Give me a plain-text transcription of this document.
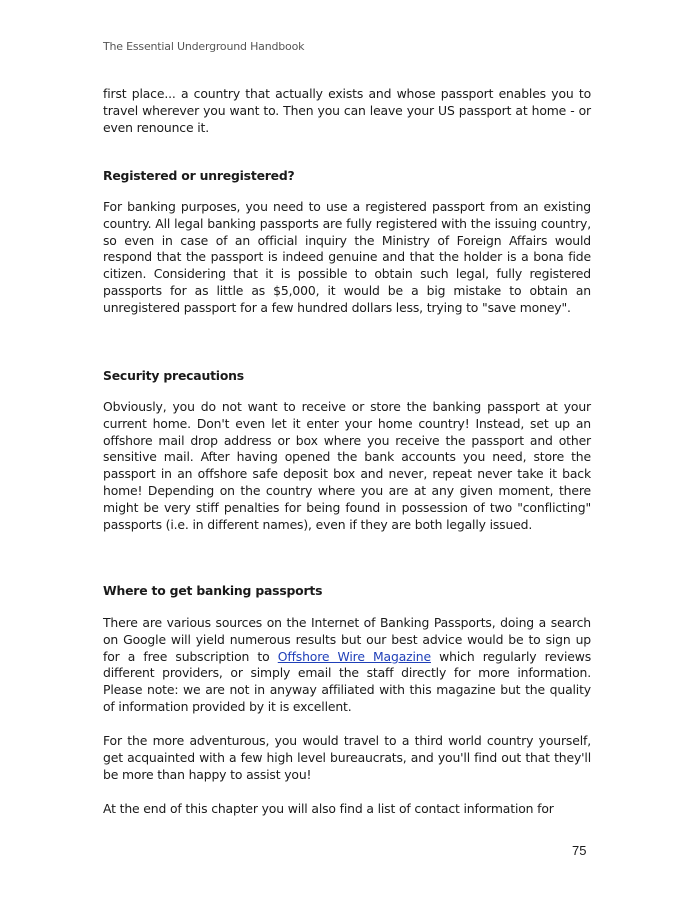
The Essential Underground Handbook

first place... a country that actually exists and whose passport enables you to travel wherever you want to. Then you can leave your US passport at home - or even renounce it.

Registered or unregistered?

For banking purposes, you need to use a registered passport from an existing country. All legal banking passports are fully registered with the issuing country, so even in case of an official inquiry the Ministry of Foreign Affairs would respond that the passport is indeed genuine and that the holder is a bona fide citizen. Considering that it is possible to obtain such legal, fully registered passports for as little as $5,000, it would be a big mistake to obtain an unregistered passport for a few hundred dollars less, trying to "save money".

Security precautions

Obviously, you do not want to receive or store the banking passport at your current home. Don't even let it enter your home country! Instead, set up an offshore mail drop address or box where you receive the passport and other sensitive mail. After having opened the bank accounts you need, store the passport in an offshore safe deposit box and never, repeat never take it back home! Depending on the country where you are at any given moment, there might be very stiff penalties for being found in possession of two "conflicting" passports (i.e. in different names), even if they are both legally issued.

Where to get banking passports

There are various sources on the Internet of Banking Passports, doing a search on Google will yield numerous results but our best advice would be to sign up for a free subscription to Offshore Wire Magazine which regularly reviews different providers, or simply email the staff directly for more information. Please note: we are not in anyway affiliated with this magazine but the quality of information provided by it is excellent.

For the more adventurous, you would travel to a third world country yourself, get acquainted with a few high level bureaucrats, and you'll find out that they'll be more than happy to assist you!

At the end of this chapter you will also find a list of contact information for

75
